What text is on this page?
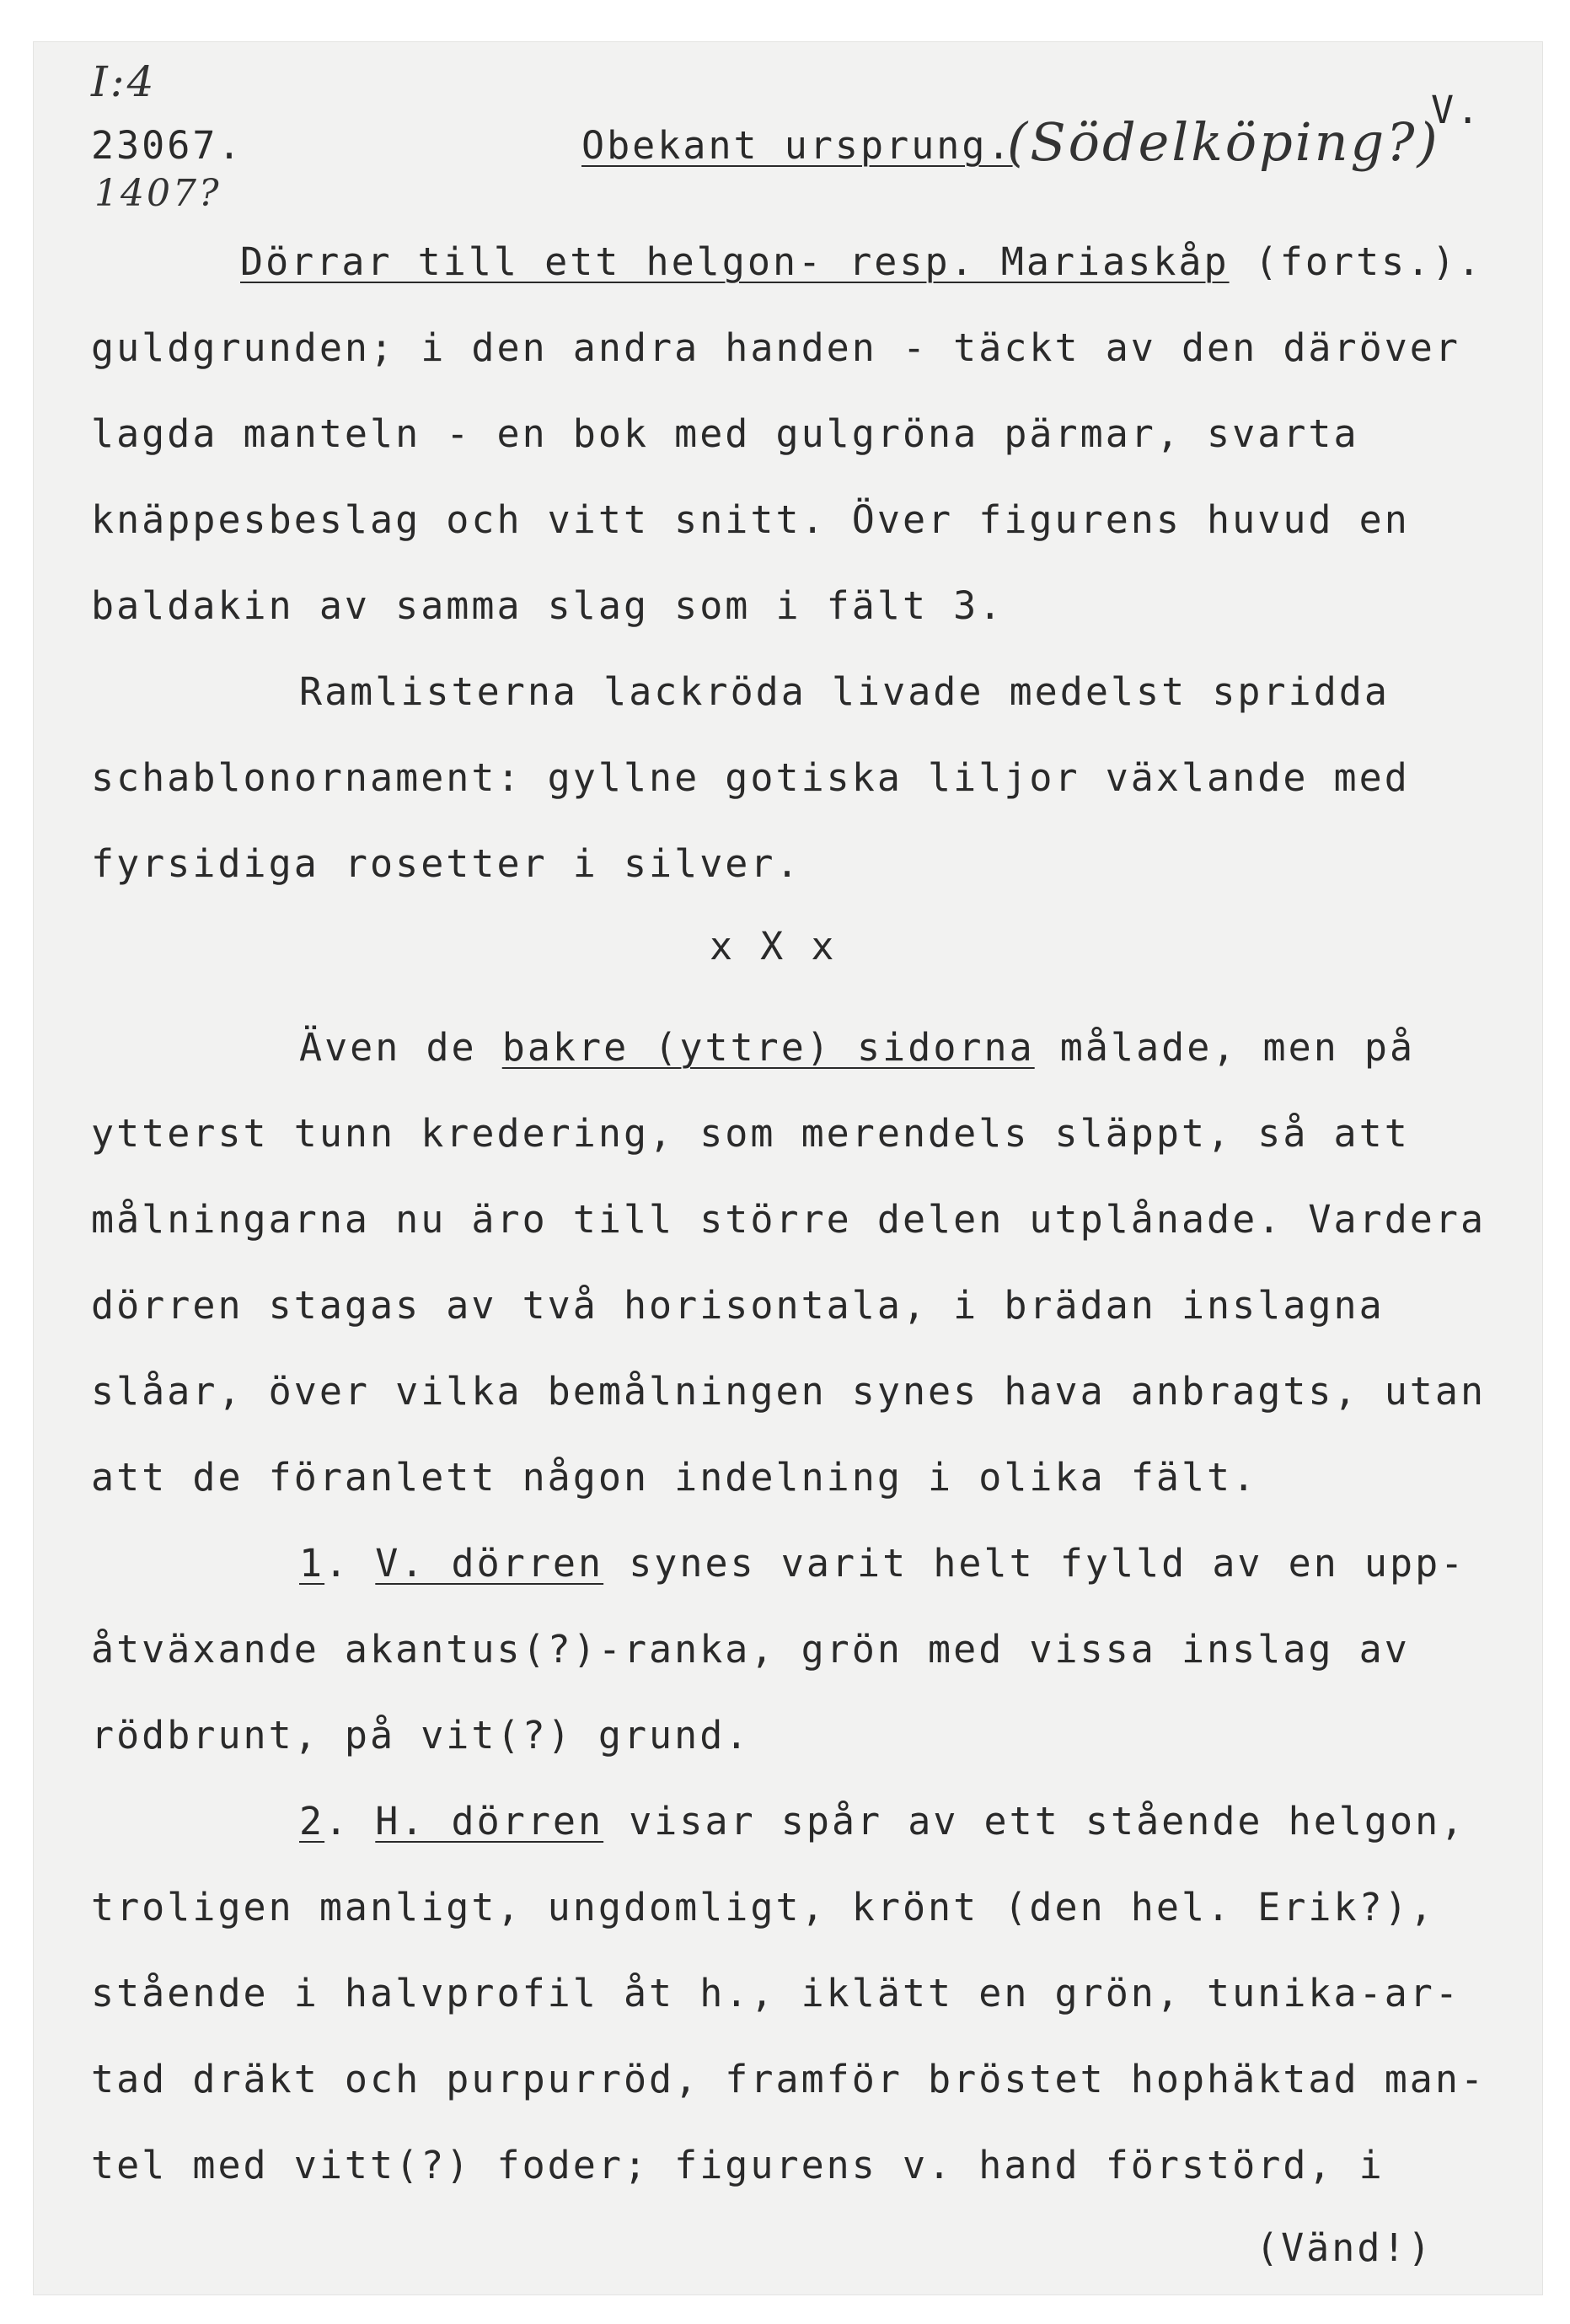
I:4
23067.
1407?
Obekant ursprung.
(Södelköping?)
V.
Dörrar till ett helgon- resp. Mariaskåp (forts.).
guldgrunden; i den andra handen - täckt av den däröver
lagda manteln - en bok med gulgröna pärmar, svarta
knäppesbeslag och vitt snitt. Över figurens huvud en
baldakin av samma slag som i fält 3.
Ramlisterna lackröda livade medelst spridda
schablonornament: gyllne gotiska liljor växlande med
fyrsidiga rosetter i silver.
x X x
Även de bakre (yttre) sidorna målade, men på
ytterst tunn kredering, som merendels släppt, så att
målningarna nu äro till större delen utplånade. Vardera
dörren stagas av två horisontala, i brädan inslagna
slåar, över vilka bemålningen synes hava anbragts, utan
att de föranlett någon indelning i olika fält.
1. V. dörren synes varit helt fylld av en upp-
åtväxande akantus(?)-ranka, grön med vissa inslag av
rödbrunt, på vit(?) grund.
2. H. dörren visar spår av ett stående helgon,
troligen manligt, ungdomligt, krönt (den hel. Erik?),
stående i halvprofil åt h., iklätt en grön, tunika-ar-
tad dräkt och purpurröd, framför bröstet hophäktad man-
tel med vitt(?) foder; figurens v. hand förstörd, i
(Vänd!)
